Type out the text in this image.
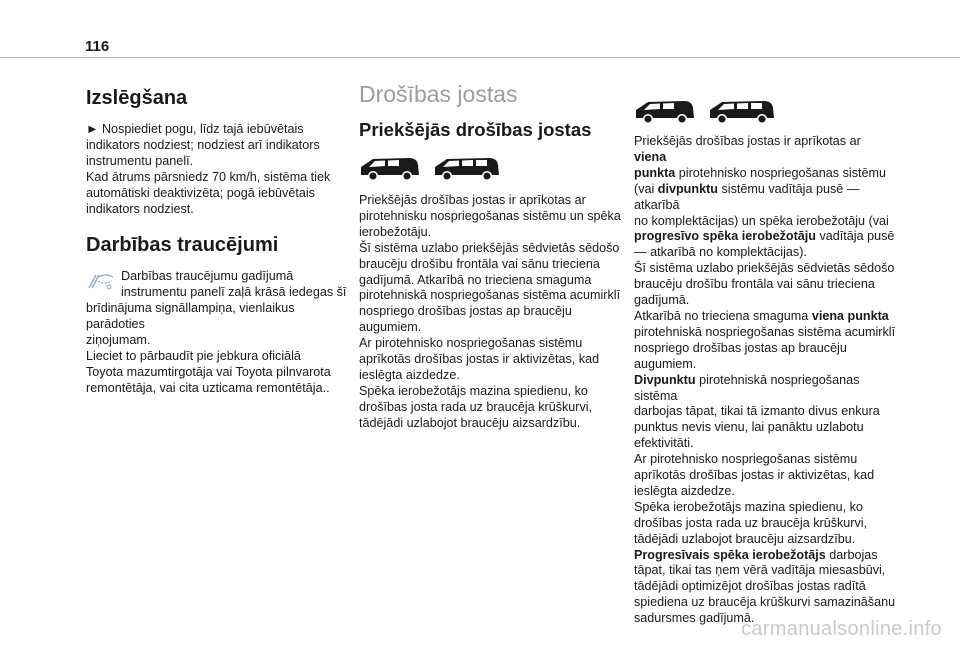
116
Izslēgšana

► Nospiediet pogu, līdz tajā iebūvētais

indikators nodziest; nodziest arī indikators

instrumentu panelī.

Kad ātrums pārsniedz 70 km/h, sistēma tiek

automātiski deaktivizēta; pogā iebūvētais

indikators nodziest.

Darbības traucējumi

Darbības traucējumu gadījumā

instrumentu panelī zaļā krāsā iedegas šī

brīdinājuma signāllampiņa, vienlaikus parādoties

ziņojumam.

Lieciet to pārbaudīt pie jebkura oficiālā

Toyota mazumtirgotāja vai Toyota pilnvarota

remontētāja, vai cita uzticama remontētāja..

Drošības jostas
Priekšējās drošības jostas

Priekšējās drošības jostas ir aprīkotas ar

pirotehnisku nospriegošanas sistēmu un spēka

ierobežotāju.

Šī sistēma uzlabo priekšējās sēdvietās sēdošo

braucēju drošību frontāla vai sānu trieciena

gadījumā. Atkarībā no trieciena smaguma

pirotehniskā nospriegošanas sistēma acumirklī

nospriego drošības jostas ap braucēju

augumiem.

Ar pirotehnisko nospriegošanas sistēmu

aprīkotās drošības jostas ir aktivizētas, kad

ieslēgta aizdedze.

Spēka ierobežotājs mazina spiedienu, ko

drošības josta rada uz braucēja krūškurvi,

tādējādi uzlabojot braucēju aizsardzību.

Priekšējās drošības jostas ir aprīkotas ar viena

punkta pirotehnisko nospriegošanas sistēmu

(vai divpunktu sistēmu vadītāja pusē — atkarībā

no komplektācijas) un spēka ierobežotāju (vai

progresīvo spēka ierobežotāju vadītāja pusē

— atkarībā no komplektācijas).

Šī sistēma uzlabo priekšējās sēdvietās sēdošo

braucēju drošību frontāla vai sānu trieciena

gadījumā.

Atkarībā no trieciena smaguma viena punkta

pirotehniskā nospriegošanas sistēma acumirklī

nospriego drošības jostas ap braucēju

augumiem.

Divpunktu pirotehniskā nospriegošanas sistēma

darbojas tāpat, tikai tā izmanto divus enkura

punktus nevis vienu, lai panāktu uzlabotu

efektivitāti.

Ar pirotehnisko nospriegošanas sistēmu

aprīkotās drošības jostas ir aktivizētas, kad

ieslēgta aizdedze.

Spēka ierobežotājs mazina spiedienu, ko

drošības josta rada uz braucēja krūškurvi,

tādējādi uzlabojot braucēju aizsardzību.

Progresīvais spēka ierobežotājs darbojas

tāpat, tikai tas ņem vērā vadītāja miesasbūvi,

tādējādi optimizējot drošības jostas radītā

spiediena uz braucēja krūškurvi samazināšanu

sadursmes gadījumā.

carmanualsonline.info
